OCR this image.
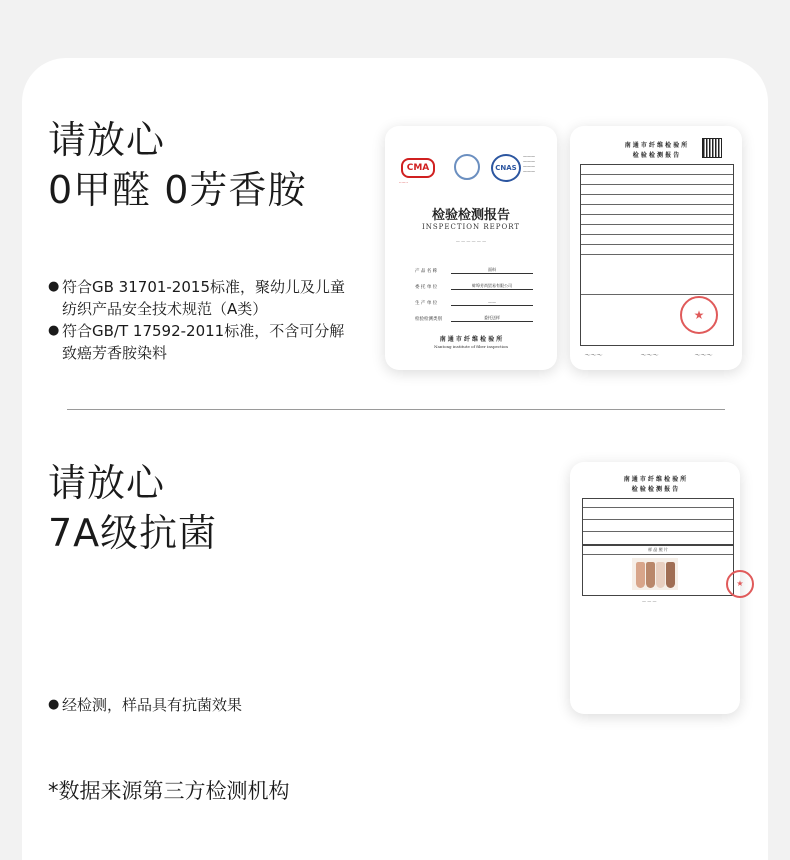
请放心
0甲醛 0芳香胺
● 符合GB 31701-2015标准，聚幼儿及儿童纺织产品安全技术规范（A类）
● 符合GB/T 17592-2011标准，不含可分解致癌芳香胺染料
CMA
·······
CNAS
———
———
———
———
检验检测报告
INSPECTION REPORT
— — — — — —
产 品 名 称	面料
委 托 单 位	蚌埠芳尚贸易有限公司
生 产 单 位	——
检验检测类别	委托送样
南 通 市 纤 维 检 验 所
Nantong institute of fiber inspection
南 通 市 纤 维 检 验 所
检 验 检 测 报 告
★
～～～	～～～	～～～
请放心
7A级抗菌
● 经检测，样品具有抗菌效果
南 通 市 纤 维 检 验 所
检 验 检 测 报 告
样 品 照 片
— — —
★
*数据来源第三方检测机构
